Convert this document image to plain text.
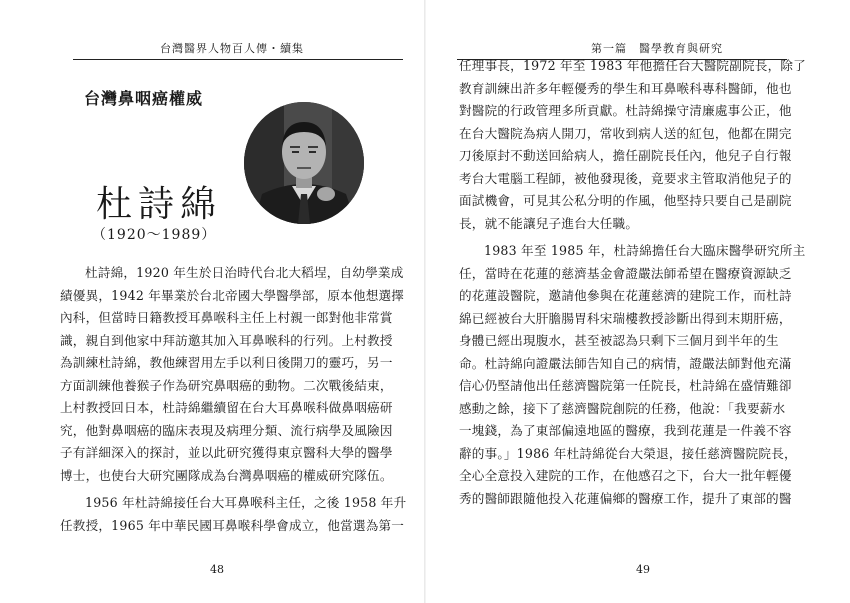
台灣醫界人物百人傳・續集
台灣鼻咽癌權威
杜詩綿
（1920～1989）
杜詩綿，1920 年生於日治時代台北大稻埕，自幼學業成
績優異，1942 年畢業於台北帝國大學醫學部，原本他想選擇
內科，但當時日籍教授耳鼻喉科主任上村親一郎對他非常賞
識，親自到他家中拜訪邀其加入耳鼻喉科的行列。上村教授
為訓練杜詩綿，教他練習用左手以利日後開刀的靈巧，另一
方面訓練他養猴子作為研究鼻咽癌的動物。二次戰後結束，
上村教授回日本，杜詩綿繼續留在台大耳鼻喉科做鼻咽癌研
究，他對鼻咽癌的臨床表現及病理分類、流行病學及風險因
子有詳細深入的探討，並以此研究獲得東京醫科大學的醫學
博士，也使台大研究團隊成為台灣鼻咽癌的權威研究隊伍。
1956 年杜詩綿接任台大耳鼻喉科主任，之後 1958 年升
任教授，1965 年中華民國耳鼻喉科學會成立，他當選為第一
48
第一篇　醫學教育與研究
任理事長，1972 年至 1983 年他擔任台大醫院副院長，除了
教育訓練出許多年輕優秀的學生和耳鼻喉科專科醫師，他也
對醫院的行政管理多所貢獻。杜詩綿操守清廉處事公正，他
在台大醫院為病人開刀，常收到病人送的紅包，他都在開完
刀後原封不動送回給病人，擔任副院長任內，他兒子自行報
考台大電腦工程師，被他發現後，竟要求主管取消他兒子的
面試機會，可見其公私分明的作風，他堅持只要自己是副院
長，就不能讓兒子進台大任職。
1983 年至 1985 年，杜詩綿擔任台大臨床醫學研究所主
任，當時在花蓮的慈濟基金會證嚴法師希望在醫療資源缺乏
的花蓮設醫院，邀請他參與在花蓮慈濟的建院工作，而杜詩
綿已經被台大肝膽腸胃科宋瑞樓教授診斷出得到末期肝癌，
身體已經出現腹水，甚至被認為只剩下三個月到半年的生
命。杜詩綿向證嚴法師告知自己的病情，證嚴法師對他充滿
信心仍堅請他出任慈濟醫院第一任院長，杜詩綿在盛情難卻
感動之餘，接下了慈濟醫院創院的任務，他說：「我要薪水
一塊錢，為了東部偏遠地區的醫療，我到花蓮是一件義不容
辭的事。」1986 年杜詩綿從台大榮退，接任慈濟醫院院長，
全心全意投入建院的工作，在他感召之下，台大一批年輕優
秀的醫師跟隨他投入花蓮偏鄉的醫療工作，提升了東部的醫
49
